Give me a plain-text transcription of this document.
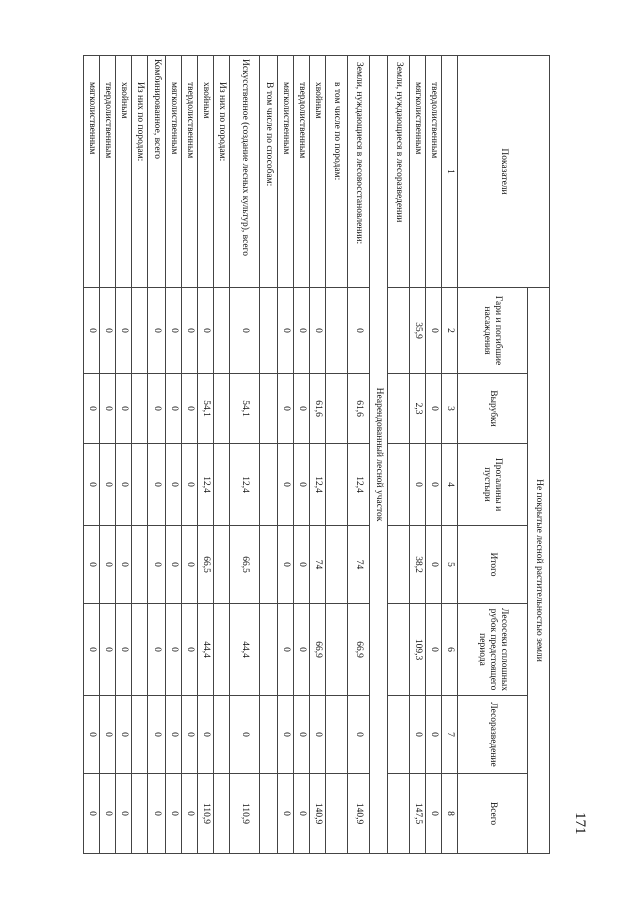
Показатели	Не покрытые лесной растительностью земли						
	Гари и погибшие насаждения	Вырубки	Прогалины и пустыри	Итого	Лесосеки сплошных рубок предстоящего периода	Лесоразведение	Всего

1	2	3	4	5	6	7	8
твердолиственным	0	0	0	0	0	0	0
мягколиственным	35,9	2,3	0	38,2	109,3	0	147,5
Земли, нуждающиеся в лесоразведении							
Неарендованный лесной участок							
Земли, нуждающиеся в лесовосстановлении:	0	61,6	12,4	74	66,9	0	140,9
в том числе по породам:							
хвойным	0	61,6	12,4	74	66,9	0	140,9
твердолиственным	0	0	0	0	0	0	0
мягколиственным	0	0	0	0	0	0	0
В том числе по способам:							
Искусственное (создание лесных культур), всего	0	54,1	12,4	66,5	44,4	0	110,9
Из них по породам:							
хвойным	0	54,1	12,4	66,5	44,4	0	110,9
твердолиственным	0	0	0	0	0	0	0
мягколиственным	0	0	0	0	0	0	0
Комбинированное, всего	0	0	0	0	0	0	0
Из них по породам:							
хвойным	0	0	0	0	0	0	0
твердолиственным	0	0	0	0	0	0	0
мягколиственным	0	0	0	0	0	0	0	171
